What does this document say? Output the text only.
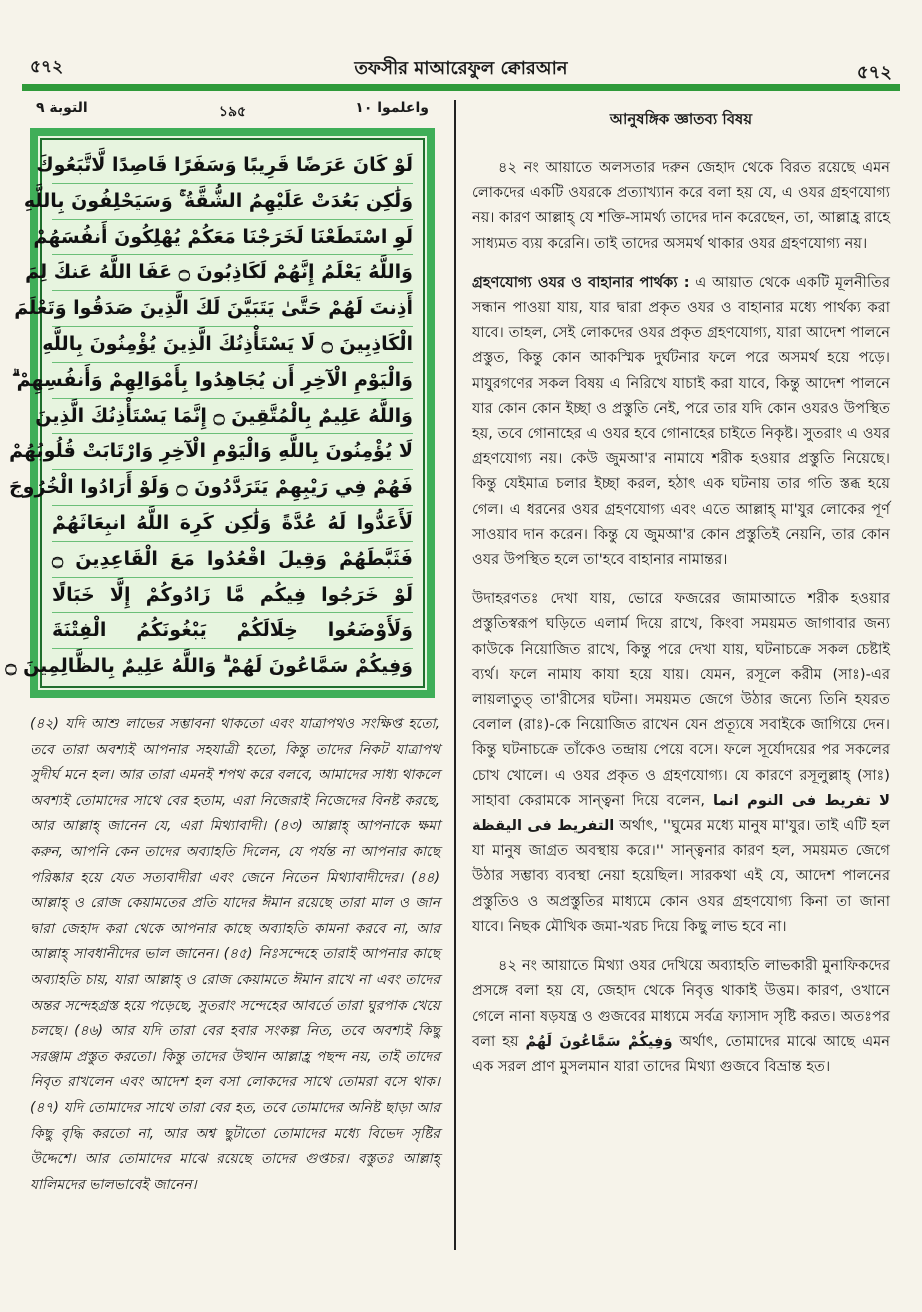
৫৭২	তফসীর মাআরেফুল ক্বোরআন	৫৭২
التوبة ٩	১৯৫	واعلموا ١٠
لَوْ كَانَ عَرَضًا قَرِيبًا وَسَفَرًا قَاصِدًا لَّاتَّبَعُوكَ
وَلَٰكِن بَعُدَتْ عَلَيْهِمُ الشُّقَّةُ ۚ وَسَيَحْلِفُونَ بِاللَّهِ
لَوِ اسْتَطَعْنَا لَخَرَجْنَا مَعَكُمْ يُهْلِكُونَ أَنفُسَهُمْ
وَاللَّهُ يَعْلَمُ إِنَّهُمْ لَكَاذِبُونَ ۝ عَفَا اللَّهُ عَنكَ لِمَ
أَذِنتَ لَهُمْ حَتَّىٰ يَتَبَيَّنَ لَكَ الَّذِينَ صَدَقُوا وَتَعْلَمَ
الْكَاذِبِينَ ۝ لَا يَسْتَأْذِنُكَ الَّذِينَ يُؤْمِنُونَ بِاللَّهِ
وَالْيَوْمِ الْآخِرِ أَن يُجَاهِدُوا بِأَمْوَالِهِمْ وَأَنفُسِهِمْ ۗ
وَاللَّهُ عَلِيمٌ بِالْمُتَّقِينَ ۝ إِنَّمَا يَسْتَأْذِنُكَ الَّذِينَ
لَا يُؤْمِنُونَ بِاللَّهِ وَالْيَوْمِ الْآخِرِ وَارْتَابَتْ قُلُوبُهُمْ
فَهُمْ فِي رَيْبِهِمْ يَتَرَدَّدُونَ ۝ وَلَوْ أَرَادُوا الْخُرُوجَ
لَأَعَدُّوا لَهُ عُدَّةً وَلَٰكِن كَرِهَ اللَّهُ انبِعَاثَهُمْ
فَثَبَّطَهُمْ وَقِيلَ اقْعُدُوا مَعَ الْقَاعِدِينَ ۝
لَوْ خَرَجُوا فِيكُم مَّا زَادُوكُمْ إِلَّا خَبَالًا
وَلَأَوْضَعُوا خِلَالَكُمْ يَبْغُونَكُمُ الْفِتْنَةَ
وَفِيكُمْ سَمَّاعُونَ لَهُمْ ۗ وَاللَّهُ عَلِيمٌ بِالظَّالِمِينَ ۝
(৪২) যদি আশু লাভের সম্ভাবনা থাকতো এবং যাত্রাপথও সংক্ষিপ্ত হতো, তবে তারা অবশ্যই আপনার সহযাত্রী হতো, কিন্তু তাদের নিকট যাত্রাপথ সুদীর্ঘ মনে হল। আর তারা এমনই শপথ করে বলবে, আমাদের সাধ্য থাকলে অবশ্যই তোমাদের সাথে বের হতাম, এরা নিজেরাই নিজেদের বিনষ্ট করছে, আর আল্লাহ্ জানেন যে, এরা মিথ্যাবাদী। (৪৩) আল্লাহ্ আপনাকে ক্ষমা করুন, আপনি কেন তাদের অব্যাহতি দিলেন, যে পর্যন্ত না আপনার কাছে পরিষ্কার হয়ে যেত সত্যবাদীরা এবং জেনে নিতেন মিথ্যাবাদীদের। (৪৪) আল্লাহ্ ও রোজ কেয়ামতের প্রতি যাদের ঈমান রয়েছে তারা মাল ও জান দ্বারা জেহাদ করা থেকে আপনার কাছে অব্যাহতি কামনা করবে না, আর আল্লাহ্ সাবধানীদের ভাল জানেন। (৪৫) নিঃসন্দেহে তারাই আপনার কাছে অব্যাহতি চায়, যারা আল্লাহ্ ও রোজ কেয়ামতে ঈমান রাখে না এবং তাদের অন্তর সন্দেহগ্রস্ত হয়ে পড়েছে, সুতরাং সন্দেহের আবর্তে তারা ঘুরপাক খেয়ে চলছে। (৪৬) আর যদি তারা বের হবার সংকল্প নিত, তবে অবশ্যই কিছু সরঞ্জাম প্রস্তুত করতো। কিন্তু তাদের উত্থান আল্লাহ্র পছন্দ নয়, তাই তাদের নিবৃত রাখলেন এবং আদেশ হল বসা লোকদের সাথে তোমরা বসে থাক। (৪৭) যদি তোমাদের সাথে তারা বের হত, তবে তোমাদের অনিষ্ট ছাড়া আর কিছু বৃদ্ধি করতো না, আর অশ্ব ছুটাতো তোমাদের মধ্যে বিভেদ সৃষ্টির উদ্দেশে। আর তোমাদের মাঝে রয়েছে তাদের গুপ্তচর। বস্তুতঃ আল্লাহ্ যালিমদের ভালভাবেই জানেন।
আনুষঙ্গিক জ্ঞাতব্য বিষয়

৪২ নং আয়াতে অলসতার দরুন জেহাদ থেকে বিরত রয়েছে এমন লোকদের একটি ওযরকে প্রত্যাখ্যান করে বলা হয় যে, এ ওযর গ্রহণযোগ্য নয়। কারণ আল্লাহ্ যে শক্তি-সামর্থ্য তাদের দান করেছেন, তা, আল্লাহ্র রাহে সাধ্যমত ব্যয় করেনি। তাই তাদের অসমর্থ থাকার ওযর গ্রহণযোগ্য নয়।

গ্রহণযোগ্য ওযর ও বাহানার পার্থক্য : এ আয়াত থেকে একটি মূলনীতির সন্ধান পাওয়া যায়, যার দ্বারা প্রকৃত ওযর ও বাহানার মধ্যে পার্থক্য করা যাবে। তাহল, সেই লোকদের ওযর প্রকৃত গ্রহণযোগ্য, যারা আদেশ পালনে প্রস্তুত, কিন্তু কোন আকস্মিক দুর্ঘটনার ফলে পরে অসমর্থ হয়ে পড়ে। মাযুরগণের সকল বিষয় এ নিরিখে যাচাই করা যাবে, কিন্তু আদেশ পালনে যার কোন কোন ইচ্ছা ও প্রস্তুতি নেই, পরে তার যদি কোন ওযরও উপস্থিত হয়, তবে গোনাহের এ ওযর হবে গোনাহের চাইতে নিকৃষ্ট। সুতরাং এ ওযর গ্রহণযোগ্য নয়। কেউ জুমআ'র নামাযে শরীক হওয়ার প্রস্তুতি নিয়েছে। কিন্তু যেইমাত্র চলার ইচ্ছা করল, হঠাৎ এক ঘটনায় তার গতি স্তব্ধ হয়ে গেল। এ ধরনের ওযর গ্রহণযোগ্য এবং এতে আল্লাহ্ মা'যুর লোকের পূর্ণ সাওয়াব দান করেন। কিন্তু যে জুমআ'র কোন প্রস্তুতিই নেয়নি, তার কোন ওযর উপস্থিত হলে তা'হবে বাহানার নামান্তর।

উদাহরণতঃ দেখা যায়, ভোরে ফজরের জামাআতে শরীক হওয়ার প্রস্তুতিস্বরূপ ঘড়িতে এলার্ম দিয়ে রাখে, কিংবা সময়মত জাগাবার জন্য কাউকে নিয়োজিত রাখে, কিন্তু পরে দেখা যায়, ঘটনাচক্রে সকল চেষ্টাই ব্যর্থ। ফলে নামায কাযা হয়ে যায়। যেমন, রসূলে করীম (সাঃ)-এর লায়লাতুত্ তা'রীসের ঘটনা। সময়মত জেগে উঠার জন্যে তিনি হযরত বেলাল (রাঃ)-কে নিয়োজিত রাখেন যেন প্রত্যূষে সবাইকে জাগিয়ে দেন। কিন্তু ঘটনাচক্রে তাঁকেও তন্দ্রায় পেয়ে বসে। ফলে সূর্যোদয়ের পর সকলের চোখ খোলে। এ ওযর প্রকৃত ও গ্রহণযোগ্য। যে কারণে রসূলুল্লাহ্ (সাঃ) সাহাবা কেরামকে সান্ত্বনা দিয়ে বলেন, لا تفريط فى النوم انما التفريط فى اليقظة অর্থাৎ, ''ঘুমের মধ্যে মানুষ মা'যুর। তাই এটি হল যা মানুষ জাগ্রত অবস্থায় করে।'' সান্ত্বনার কারণ হল, সময়মত জেগে উঠার সম্ভাব্য ব্যবস্থা নেয়া হয়েছিল। সারকথা এই যে, আদেশ পালনের প্রস্তুতিও ও অপ্রস্তুতির মাধ্যমে কোন ওযর গ্রহণযোগ্য কিনা তা জানা যাবে। নিছক মৌখিক জমা-খরচ দিয়ে কিছু লাভ হবে না।

৪২ নং আয়াতে মিথ্যা ওযর দেখিয়ে অব্যাহতি লাভকারী মুনাফিকদের প্রসঙ্গে বলা হয় যে, জেহাদ থেকে নিবৃত্ত থাকাই উত্তম। কারণ, ওখানে গেলে নানা ষড়যন্ত্র ও গুজবের মাধ্যমে সর্বত্র ফ্যাসাদ সৃষ্টি করত। অতঃপর বলা হয় وَفِيكُمْ سَمَّاعُونَ لَهُمْ অর্থাৎ, তোমাদের মাঝে আছে এমন এক সরল প্রাণ মুসলমান যারা তাদের মিথ্যা গুজবে বিভ্রান্ত হত।
